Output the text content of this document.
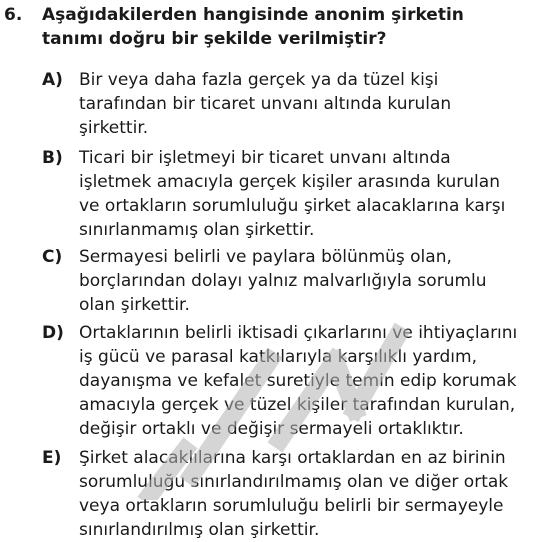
6. Aşağıdakilerden hangisinde anonim şirketin
tanımı doğru bir şekilde verilmiştir?
A) Bir veya daha fazla gerçek ya da tüzel kişi
tarafından bir ticaret unvanı altında kurulan
şirkettir.
B) Ticari bir işletmeyi bir ticaret unvanı altında
işletmek amacıyla gerçek kişiler arasında kurulan
ve ortakların sorumluluğu şirket alacaklarına karşı
sınırlanmamış olan şirkettir.
C) Sermayesi belirli ve paylara bölünmüş olan,
borçlarından dolayı yalnız malvarlığıyla sorumlu
olan şirkettir.
D) Ortaklarının belirli iktisadi çıkarlarını ve ihtiyaçlarını
iş gücü ve parasal katkılarıyla karşılıklı yardım,
dayanışma ve kefalet suretiyle temin edip korumak
amacıyla gerçek ve tüzel kişiler tarafından kurulan,
değişir ortaklı ve değişir sermayeli ortaklıktır.
E) Şirket alacaklılarına karşı ortaklardan en az birinin
sorumluluğu sınırlandırılmamış olan ve diğer ortak
veya ortakların sorumluluğu belirli bir sermayeyle
sınırlandırılmış olan şirkettir.
